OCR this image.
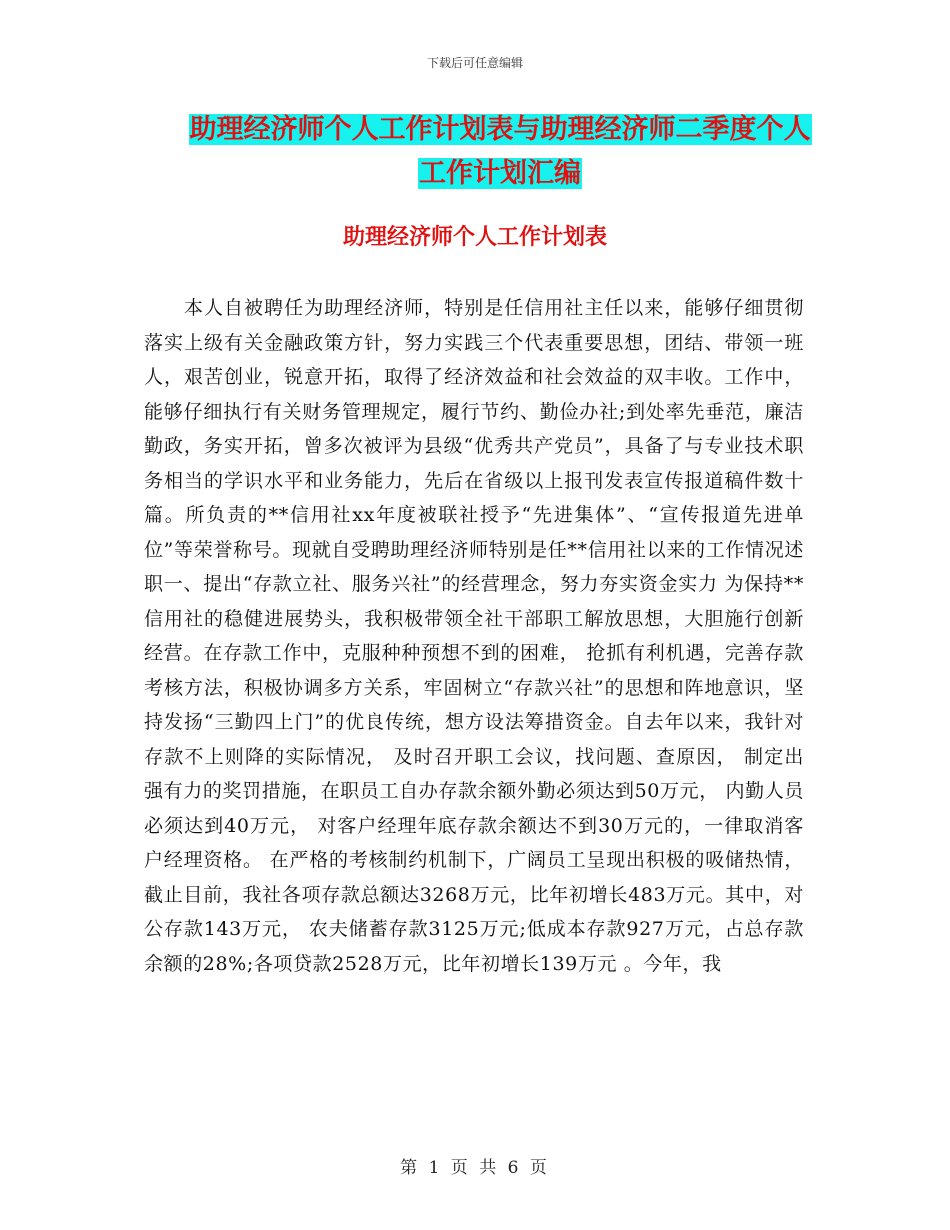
下载后可任意编辑
助理经济师个人工作计划表与助理经济师二季度个人
工作计划汇编
助理经济师个人工作计划表
本人自被聘任为助理经济师，特别是任信用社主任以来，能够仔细贯彻落实上级有关金融政策方针，努力实践三个代表重要思想，团结、带领一班人，艰苦创业，锐意开拓，取得了经济效益和社会效益的双丰收。工作中，能够仔细执行有关财务管理规定，履行节约、勤俭办社;到处率先垂范，廉洁勤政，务实开拓，曾多次被评为县级“优秀共产党员”，具备了与专业技术职务相当的学识水平和业务能力，先后在省级以上报刊发表宣传报道稿件数十篇。所负责的**信用社xx年度被联社授予“先进集体”、“宣传报道先进单位”等荣誉称号。现就自受聘助理经济师特别是任**信用社以来的工作情况述职一、提出“存款立社、服务兴社”的经营理念，努力夯实资金实力 为保持**信用社的稳健进展势头，我积极带领全社干部职工解放思想，大胆施行创新经营。在存款工作中，克服种种预想不到的困难， 抢抓有利机遇，完善存款考核方法，积极协调多方关系，牢固树立“存款兴社”的思想和阵地意识，坚持发扬“三勤四上门”的优良传统，想方设法筹措资金。自去年以来，我针对存款不上则降的实际情况， 及时召开职工会议，找问题、查原因， 制定出强有力的奖罚措施，在职员工自办存款余额外勤必须达到50万元， 内勤人员必须达到40万元， 对客户经理年底存款余额达不到30万元的，一律取消客户经理资格。 在严格的考核制约机制下，广阔员工呈现出积极的吸储热情，截止目前，我社各项存款总额达3268万元，比年初增长483万元。其中，对公存款143万元， 农夫储蓄存款3125万元;低成本存款927万元，占总存款余额的28%;各项贷款2528万元，比年初增长139万元 。今年，我
第 1 页 共 6 页
